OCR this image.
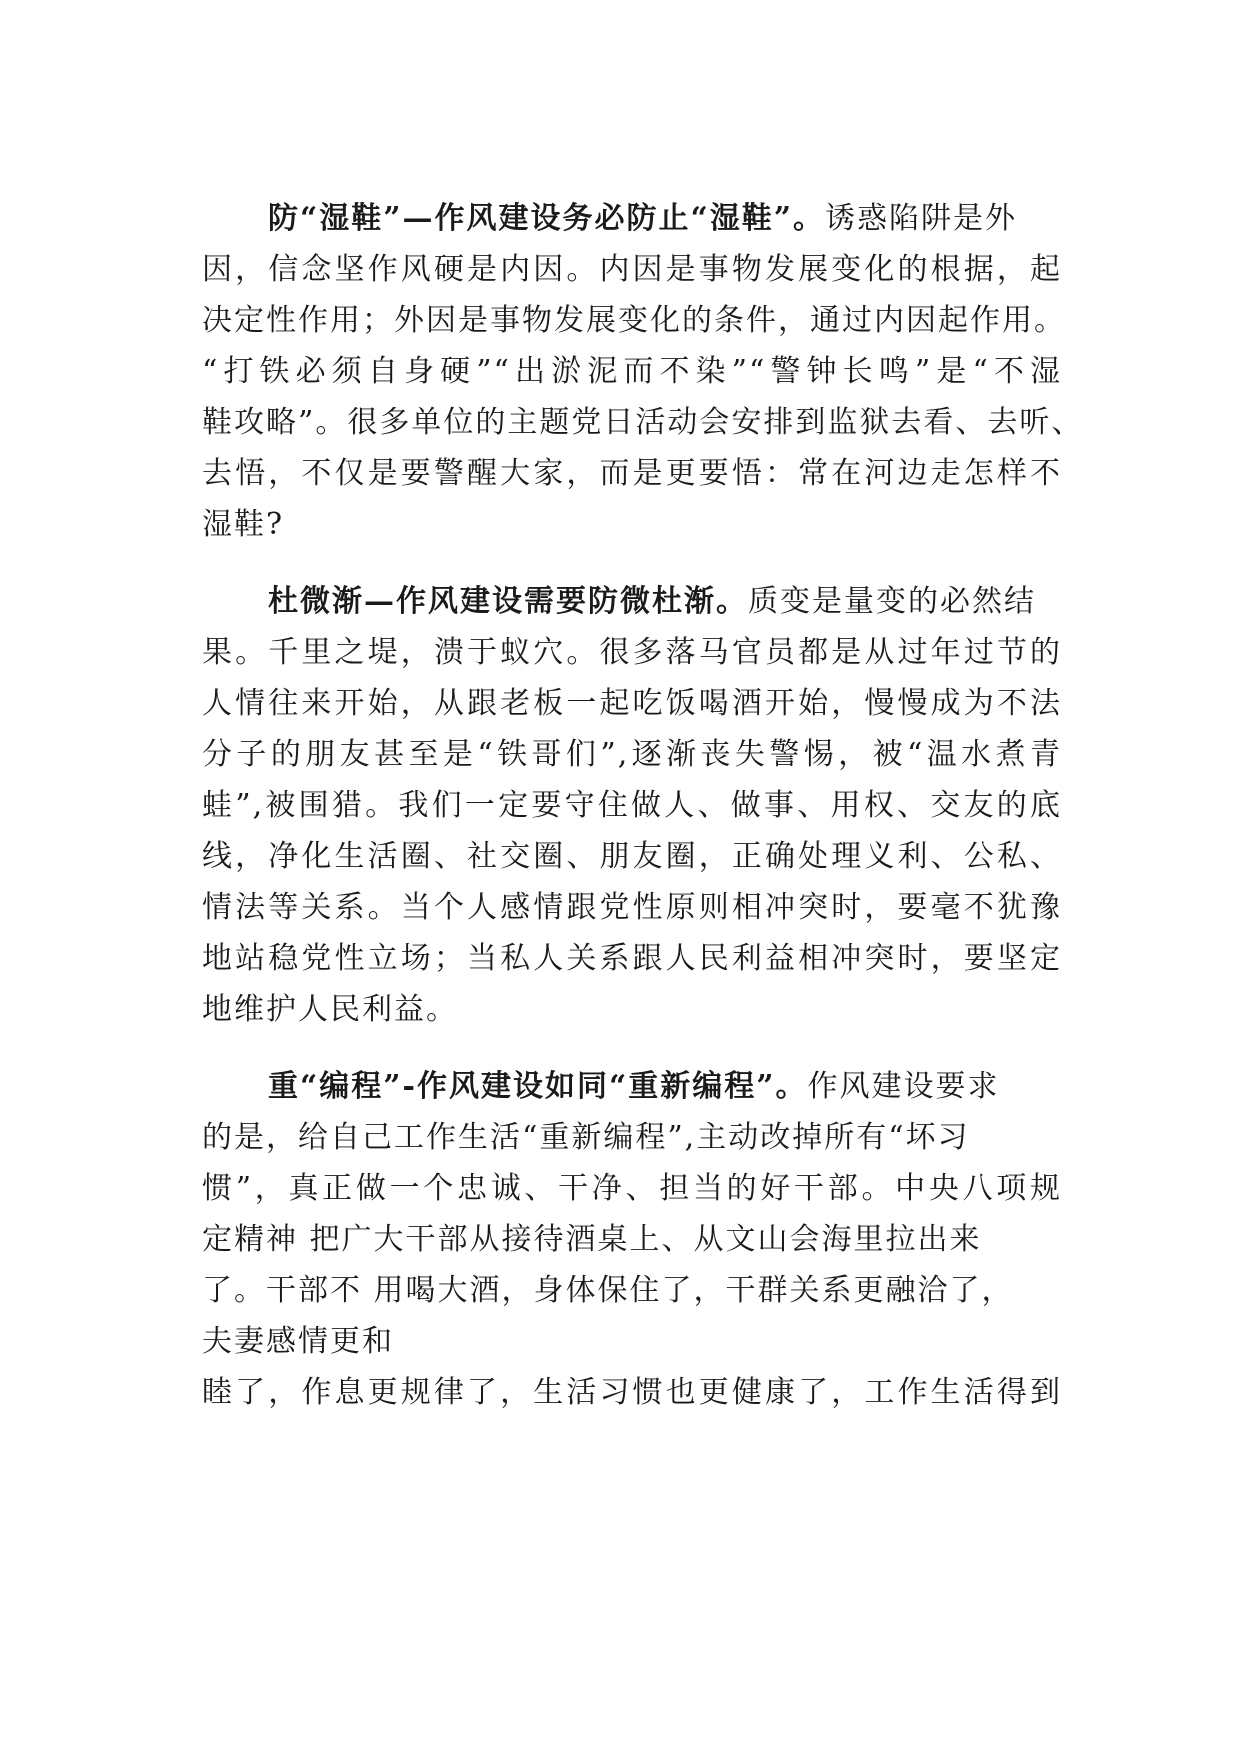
防“湿鞋”—作风建设务必防止“湿鞋”。诱惑陷阱是外
因，信念坚作风硬是内因。内因是事物发展变化的根据，起
决定性作用；外因是事物发展变化的条件，通过内因起作用。
“打铁必须自身硬”“出淤泥而不染”“警钟长鸣”是“不湿
鞋攻略”。很多单位的主题党日活动会安排到监狱去看、去听、
去悟，不仅是要警醒大家，而是更要悟：常在河边走怎样不
湿鞋?
杜微渐—作风建设需要防微杜渐。质变是量变的必然结
果。千里之堤，溃于蚁穴。很多落马官员都是从过年过节的
人情往来开始，从跟老板一起吃饭喝酒开始，慢慢成为不法
分子的朋友甚至是“铁哥们”,逐渐丧失警惕，被“温水煮青
蛙”,被围猎。我们一定要守住做人、做事、用权、交友的底
线，净化生活圈、社交圈、朋友圈，正确处理义利、公私、
情法等关系。当个人感情跟党性原则相冲突时，要毫不犹豫
地站稳党性立场；当私人关系跟人民利益相冲突时，要坚定
地维护人民利益。
重“编程”-作风建设如同“重新编程”。作风建设要求
的是，给自己工作生活“重新编程”,主动改掉所有“坏习
惯”，真正做一个忠诚、干净、担当的好干部。中央八项规
定精神 把广大干部从接待酒桌上、从文山会海里拉出来
了。干部不 用喝大酒，身体保住了，干群关系更融洽了，
夫妻感情更和
睦了，作息更规律了，生活习惯也更健康了，工作生活得到
